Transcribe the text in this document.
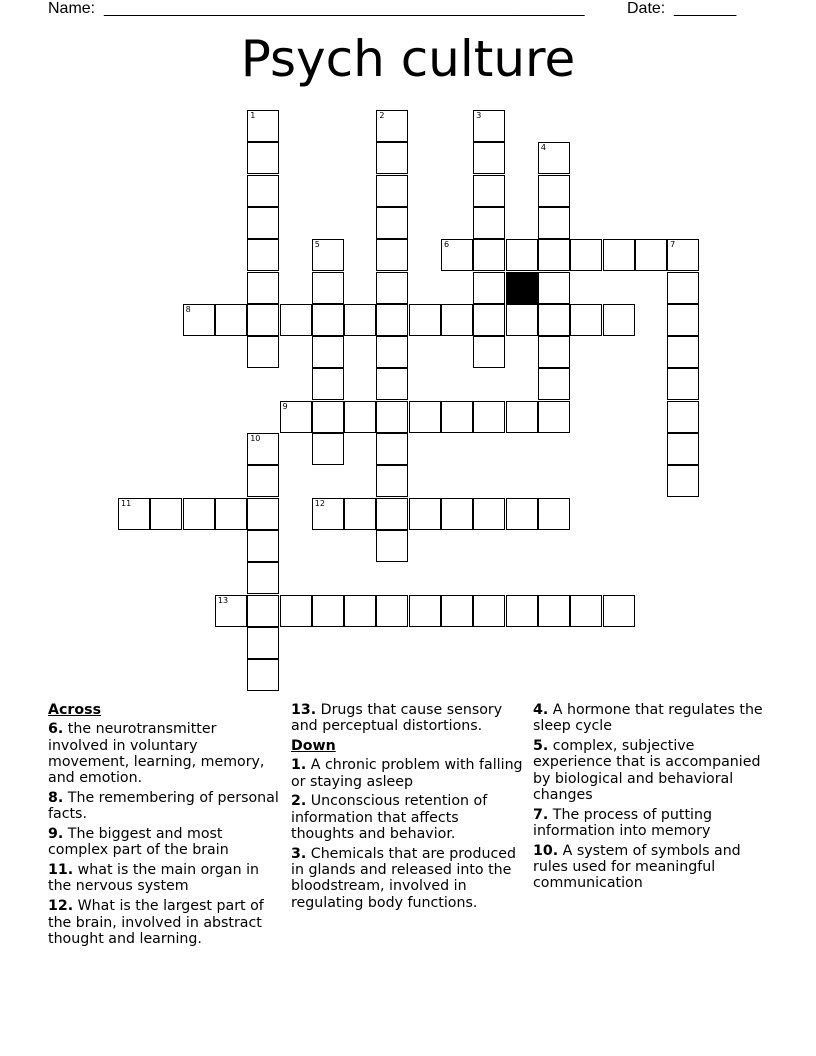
Name: ______________________________________________________	Date: _______
Psych culture
1	2	3
4
5	6	7
8
9
10
11	12
13
Across
6. the neurotransmitter involved in voluntary movement, learning, memory, and emotion.
8. The remembering of personal facts.
9. The biggest and most complex part of the brain
11. what is the main organ in the nervous system
12. What is the largest part of the brain, involved in abstract thought and learning.
13. Drugs that cause sensory and perceptual distortions.
Down
1. A chronic problem with falling or staying asleep
2. Unconscious retention of information that affects thoughts and behavior.
3. Chemicals that are produced in glands and released into the bloodstream, involved in regulating body functions.
4. A hormone that regulates the sleep cycle
5. complex, subjective experience that is accompanied by biological and behavioral changes
7. The process of putting information into memory
10. A system of symbols and rules used for meaningful communication
